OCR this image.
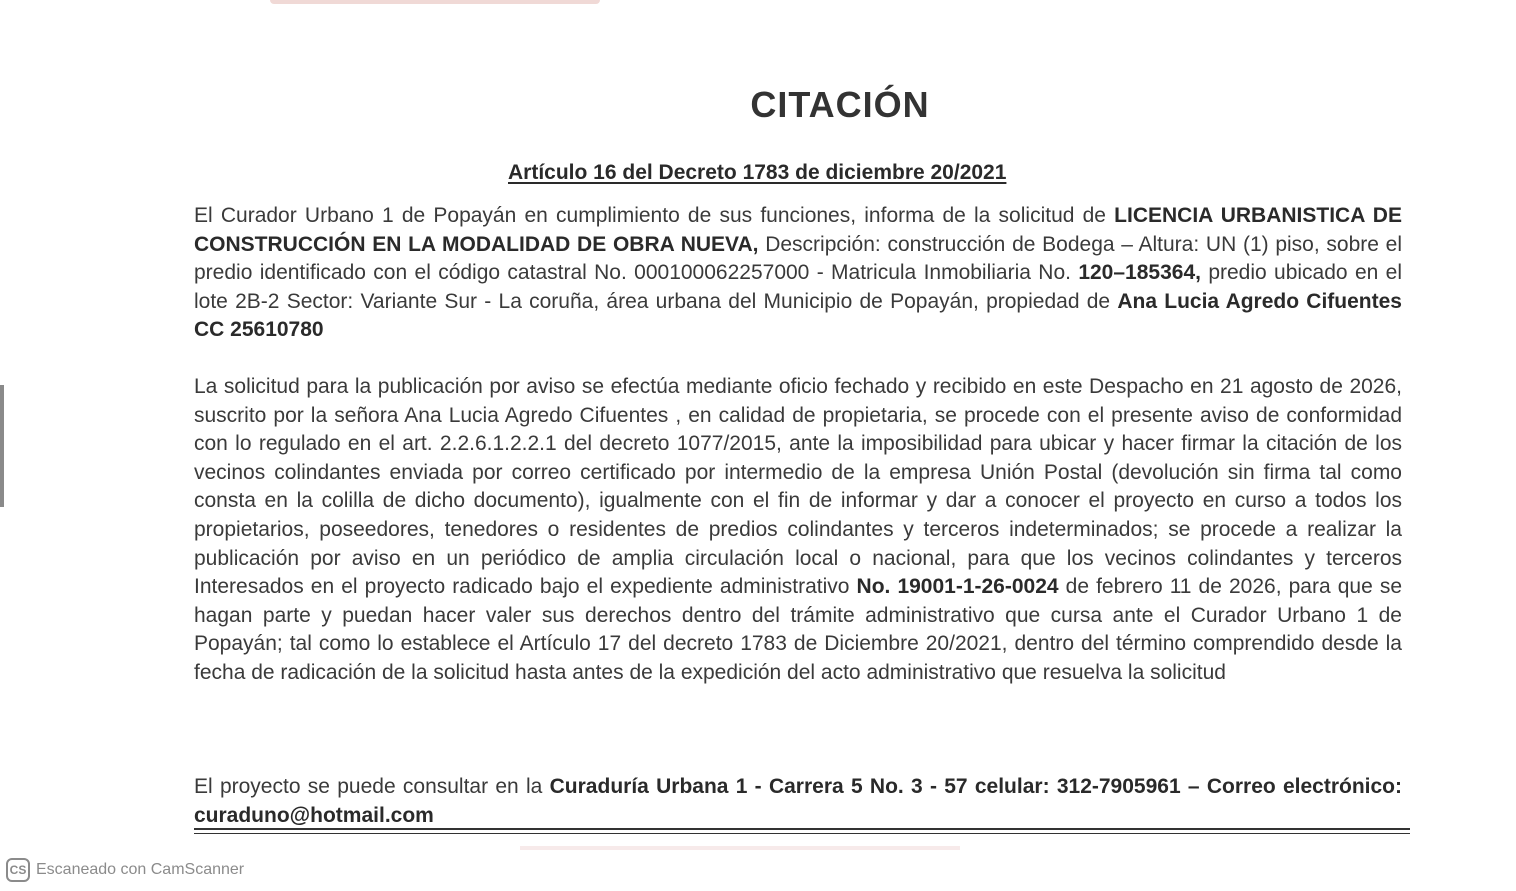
CITACIÓN
Artículo 16 del Decreto 1783 de diciembre 20/2021

El Curador Urbano 1 de Popayán en cumplimiento de sus funciones, informa de la solicitud de LICENCIA URBANISTICA DE CONSTRUCCIÓN EN LA MODALIDAD DE OBRA NUEVA, Descripción: construcción de Bodega – Altura: UN (1) piso, sobre el predio identificado con el código catastral No. 000100062257000 - Matricula Inmobiliaria No. 120–185364, predio ubicado en el lote 2B-2 Sector: Variante Sur - La coruña, área urbana del Municipio de Popayán, propiedad de Ana Lucia Agredo Cifuentes CC 25610780

La solicitud para la publicación por aviso se efectúa mediante oficio fechado y recibido en este Despacho en 21 agosto de 2026, suscrito por la señora Ana Lucia Agredo Cifuentes , en calidad de propietaria, se procede con el presente aviso de conformidad con lo regulado en el art. 2.2.6.1.2.2.1 del decreto 1077/2015, ante la imposibilidad para ubicar y hacer firmar la citación de los vecinos colindantes enviada por correo certificado por intermedio de la empresa Unión Postal (devolución sin firma tal como consta en la colilla de dicho documento), igualmente con el fin de informar y dar a conocer el proyecto en curso a todos los propietarios, poseedores, tenedores o residentes de predios colindantes y terceros indeterminados; se procede a realizar la publicación por aviso en un periódico de amplia circulación local o nacional, para que los vecinos colindantes y terceros Interesados en el proyecto radicado bajo el expediente administrativo No. 19001-1-26-0024 de febrero 11 de 2026, para que se hagan parte y puedan hacer valer sus derechos dentro del trámite administrativo que cursa ante el Curador Urbano 1 de Popayán; tal como lo establece el Artículo 17 del decreto 1783 de Diciembre 20/2021, dentro del término comprendido desde la fecha de radicación de la solicitud hasta antes de la expedición del acto administrativo que resuelva la solicitud

El proyecto se puede consultar en la Curaduría Urbana 1 - Carrera 5 No. 3 - 57 celular: 312-7905961 – Correo electrónico: curaduno@hotmail.com

CS Escaneado con CamScanner
